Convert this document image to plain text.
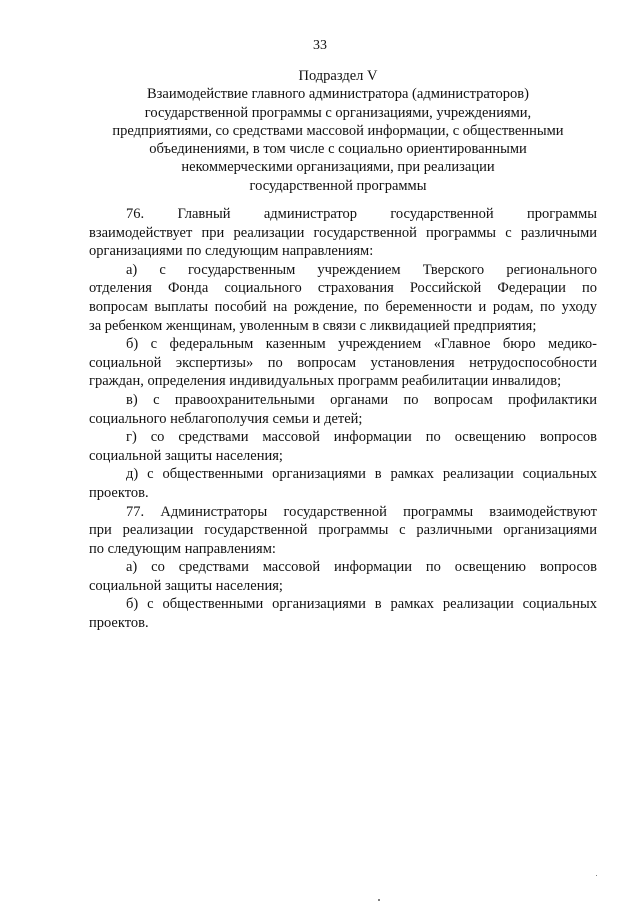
33
Подраздел V
Взаимодействие главного администратора (администраторов)
государственной программы с организациями, учреждениями,
предприятиями, со средствами массовой информации, с общественными
объединениями, в том числе с социально ориентированными
некоммерческими организациями, при реализации
государственной программы
76. Главный администратор государственной программы
взаимодействует при реализации государственной программы с различными
организациями по следующим направлениям:
а) с государственным учреждением Тверского регионального
отделения Фонда социального страхования Российской Федерации по
вопросам выплаты пособий на рождение, по беременности и родам, по уходу
за ребенком женщинам, уволенным в связи с ликвидацией предприятия;
б) с федеральным казенным учреждением «Главное бюро медико-
социальной экспертизы» по вопросам установления нетрудоспособности
граждан, определения индивидуальных программ реабилитации инвалидов;
в) с правоохранительными органами по вопросам профилактики
социального неблагополучия семьи и детей;
г) со средствами массовой информации по освещению вопросов
социальной защиты населения;
д) с общественными организациями в рамках реализации социальных
проектов.
77. Администраторы государственной программы взаимодействуют
при реализации государственной программы с различными организациями
по следующим направлениям:
а) со средствами массовой информации по освещению вопросов
социальной защиты населения;
б) с общественными организациями в рамках реализации социальных
проектов.
